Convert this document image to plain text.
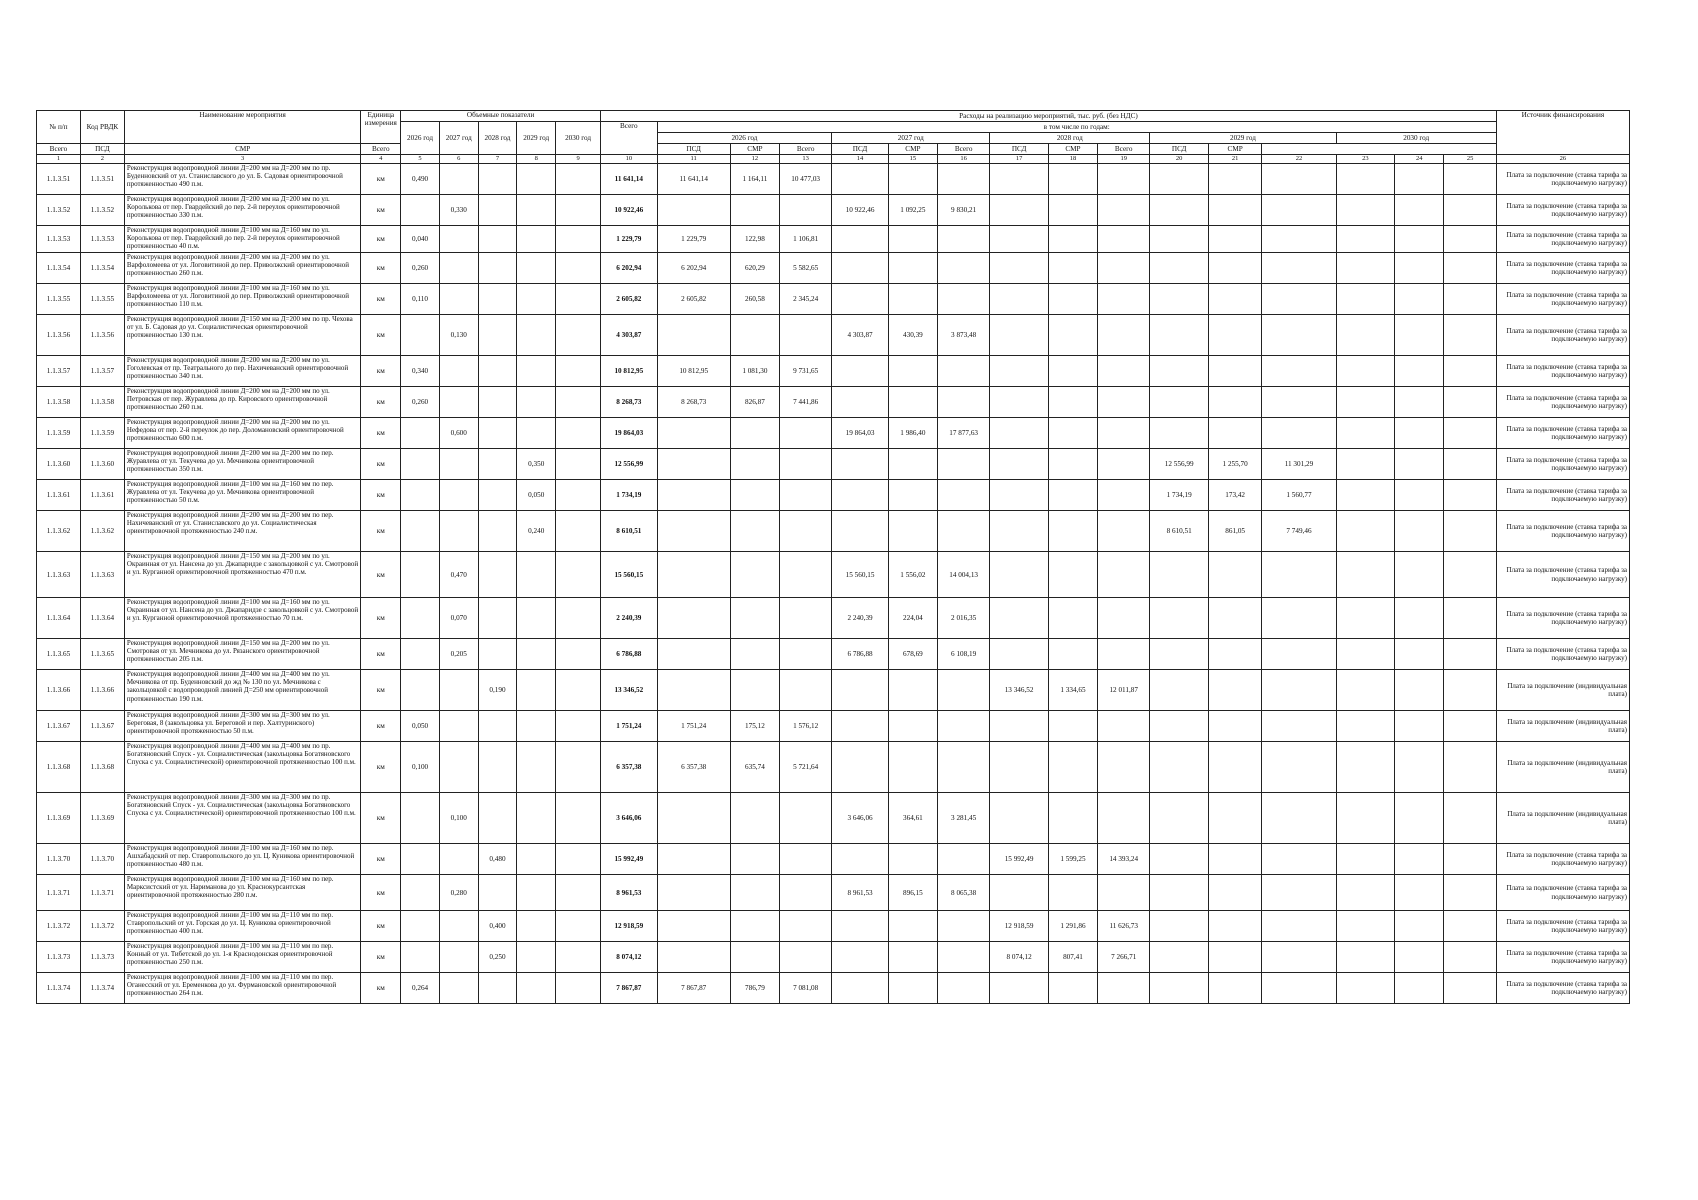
№ п/п	Код РВДК	Наименование мероприятия	Единица измерения	Объемные показатели					Расходы на реализацию мероприятий, тыс. руб. (без НДС)																Источник финансирования
				2026 год	2027 год	2028 год	2029 год	2030 год	Всего	в том числе по годам:															
										2026 год			2027 год			2028 год			2029 год			2030 год			
Всего	ПСД	СМР	Всего							ПСД	СМР	Всего	ПСД	СМР	Всего	ПСД	СМР	Всего	ПСД	СМР					
1	2	3	4	5	6	7	8	9	10	11	12	13	14	15	16	17	18	19	20	21	22	23	24	25	26
1.1.3.51	1.1.3.51	Реконструкция водопроводной линии Д=200 мм на Д=200 мм по пр. Буденновский от ул. Станиславского до ул. Б. Садовая ориентировочной протяженностью 490 п.м.	км	0,490					11 641,14	11 641,14	1 164,11	10 477,03													Плата за подключение (ставка тарифа за подключаемую нагрузку)
1.1.3.52	1.1.3.52	Реконструкция водопроводной линии Д=200 мм на Д=200 мм по ул. Королькова от пер. Гвардейский до пер. 2-й переулок ориентировочной протяженностью 330 п.м.	км		0,330				10 922,46				10 922,46	1 092,25	9 830,21										Плата за подключение (ставка тарифа за подключаемую нагрузку)
1.1.3.53	1.1.3.53	Реконструкция водопроводной линии Д=100 мм на Д=160 мм по ул. Королькова от пер. Гвардейский до пер. 2-й переулок ориентировочной протяженностью 40 п.м.	км	0,040					1 229,79	1 229,79	122,98	1 106,81													Плата за подключение (ставка тарифа за подключаемую нагрузку)
1.1.3.54	1.1.3.54	Реконструкция водопроводной линии Д=200 мм на Д=200 мм по ул. Варфоломеева от ул. Логовитиной до пер. Приволжский ориентировочной протяженностью 260 п.м.	км	0,260					6 202,94	6 202,94	620,29	5 582,65													Плата за подключение (ставка тарифа за подключаемую нагрузку)
1.1.3.55	1.1.3.55	Реконструкция водопроводной линии Д=100 мм на Д=160 мм по ул. Варфоломеева от ул. Логовитиной до пер. Приволжский ориентировочной протяженностью 110 п.м.	км	0,110					2 605,82	2 605,82	260,58	2 345,24													Плата за подключение (ставка тарифа за подключаемую нагрузку)
1.1.3.56	1.1.3.56	Реконструкция водопроводной линии Д=150 мм на Д=200 мм по пр. Чехова от ул. Б. Садовая до ул. Социалистическая ориентировочной протяженностью 130 п.м.	км		0,130				4 303,87				4 303,87	430,39	3 873,48										Плата за подключение (ставка тарифа за подключаемую нагрузку)
1.1.3.57	1.1.3.57	Реконструкция водопроводной линии Д=200 мм на Д=200 мм по ул. Гоголевская от пр. Театрального до пер. Нахичеванский ориентировочной протяженностью 340 п.м.	км	0,340					10 812,95	10 812,95	1 081,30	9 731,65													Плата за подключение (ставка тарифа за подключаемую нагрузку)
1.1.3.58	1.1.3.58	Реконструкция водопроводной линии Д=200 мм на Д=200 мм по ул. Петровская от пер. Журавлева до пр. Кировского ориентировочной протяженностью 260 п.м.	км	0,260					8 268,73	8 268,73	826,87	7 441,86													Плата за подключение (ставка тарифа за подключаемую нагрузку)
1.1.3.59	1.1.3.59	Реконструкция водопроводной линии Д=200 мм на Д=200 мм по ул. Нефедова от пер. 2-й переулок до пер. Доломановский ориентировочной протяженностью 600 п.м.	км		0,600				19 864,03				19 864,03	1 986,40	17 877,63										Плата за подключение (ставка тарифа за подключаемую нагрузку)
1.1.3.60	1.1.3.60	Реконструкция водопроводной линии Д=200 мм на Д=200 мм по пер. Журавлева от ул. Текучева до ул. Мечникова ориентировочной протяженностью 350 п.м.	км				0,350		12 556,99										12 556,99	1 255,70	11 301,29				Плата за подключение (ставка тарифа за подключаемую нагрузку)
1.1.3.61	1.1.3.61	Реконструкция водопроводной линии Д=100 мм на Д=160 мм по пер. Журавлева от ул. Текучева до ул. Мечникова ориентировочной протяженностью 50 п.м.	км				0,050		1 734,19										1 734,19	173,42	1 560,77				Плата за подключение (ставка тарифа за подключаемую нагрузку)
1.1.3.62	1.1.3.62	Реконструкция водопроводной линии Д=200 мм на Д=200 мм по пер. Нахичеванский от ул. Станиславского до ул. Социалистическая ориентировочной протяженностью 240 п.м.	км				0,240		8 610,51										8 610,51	861,05	7 749,46				Плата за подключение (ставка тарифа за подключаемую нагрузку)
1.1.3.63	1.1.3.63	Реконструкция водопроводной линии Д=150 мм на Д=200 мм по ул. Окраинная от ул. Нансена до ул. Джапаридзе с закольцовкой с ул. Смотровой и ул. Курганной ориентировочной протяженностью 470 п.м.	км		0,470				15 560,15				15 560,15	1 556,02	14 004,13										Плата за подключение (ставка тарифа за подключаемую нагрузку)
1.1.3.64	1.1.3.64	Реконструкция водопроводной линии Д=100 мм на Д=160 мм по ул. Окраинная от ул. Нансена до ул. Джапаридзе с закольцовкой с ул. Смотровой и ул. Курганной ориентировочной протяженностью 70 п.м.	км		0,070				2 240,39				2 240,39	224,04	2 016,35										Плата за подключение (ставка тарифа за подключаемую нагрузку)
1.1.3.65	1.1.3.65	Реконструкция водопроводной линии Д=150 мм на Д=200 мм по ул. Смотровая от ул. Мечникова до ул. Рязанского ориентировочной протяженностью 205 п.м.	км		0,205				6 786,88				6 786,88	678,69	6 108,19										Плата за подключение (ставка тарифа за подключаемую нагрузку)
1.1.3.66	1.1.3.66	Реконструкция водопроводной линии Д=400 мм на Д=400 мм по ул. Мечникова от пр. Буденновский до жд № 130 по ул. Мечникова с закольцовкой с водопроводной линией Д=250 мм ориентировочной протяженностью 190 п.м.	км			0,190			13 346,52							13 346,52	1 334,65	12 011,87							Плата за подключение (индивидуальная плата)
1.1.3.67	1.1.3.67	Реконструкция водопроводной линии Д=300 мм на Д=300 мм по ул. Береговая, 8 (закольцовка ул. Береговой и пер. Халтуринского) ориентировочной протяженностью 50 п.м.	км	0,050					1 751,24	1 751,24	175,12	1 576,12													Плата за подключение (индивидуальная плата)
1.1.3.68	1.1.3.68	Реконструкция водопроводной линии Д=400 мм на Д=400 мм по пр. Богатяновский Спуск - ул. Социалистическая (закольцовка Богатяновского Спуска с ул. Социалистической) ориентировочной протяженностью 100 п.м.	км	0,100					6 357,38	6 357,38	635,74	5 721,64													Плата за подключение (индивидуальная плата)
1.1.3.69	1.1.3.69	Реконструкция водопроводной линии Д=300 мм на Д=300 мм по пр. Богатяновский Спуск - ул. Социалистическая (закольцовка Богатяновского Спуска с ул. Социалистической) ориентировочной протяженностью 100 п.м.	км		0,100				3 646,06				3 646,06	364,61	3 281,45										Плата за подключение (индивидуальная плата)
1.1.3.70	1.1.3.70	Реконструкция водопроводной линии Д=100 мм на Д=160 мм по пер. Ашхабадский от пер. Ставропольского до ул. Ц. Куникова ориентировочной протяженностью 480 п.м.	км			0,480			15 992,49							15 992,49	1 599,25	14 393,24							Плата за подключение (ставка тарифа за подключаемую нагрузку)
1.1.3.71	1.1.3.71	Реконструкция водопроводной линии Д=100 мм на Д=160 мм по пер. Марксистский от ул. Нариманова до ул. Краснокурсантская ориентировочной протяженностью 280 п.м.	км		0,280				8 961,53				8 961,53	896,15	8 065,38										Плата за подключение (ставка тарифа за подключаемую нагрузку)
1.1.3.72	1.1.3.72	Реконструкция водопроводной линии Д=100 мм на Д=110 мм по пер. Ставропольский от ул. Горская до ул. Ц. Куникова ориентировочной протяженностью 400 п.м.	км			0,400			12 918,59							12 918,59	1 291,86	11 626,73							Плата за подключение (ставка тарифа за подключаемую нагрузку)
1.1.3.73	1.1.3.73	Реконструкция водопроводной линии Д=100 мм на Д=110 мм по пер. Конный от ул. Тибетской до ул. 1-я Краснодонская ориентировочной протяженностью 250 п.м.	км			0,250			8 074,12							8 074,12	807,41	7 266,71							Плата за подключение (ставка тарифа за подключаемую нагрузку)
1.1.3.74	1.1.3.74	Реконструкция водопроводной линии Д=100 мм на Д=110 мм по пер. Оганесский от ул. Еременкова до ул. Фурмановской ориентировочной протяженностью 264 п.м.	км	0,264					7 867,87	7 867,87	786,79	7 081,08													Плата за подключение (ставка тарифа за подключаемую нагрузку)
